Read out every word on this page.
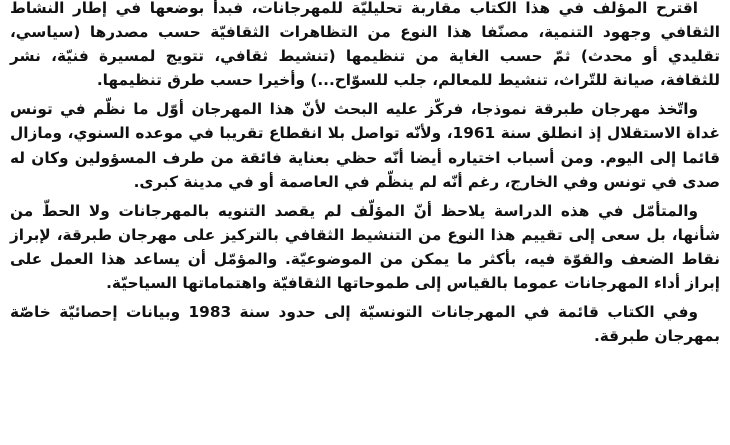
اقترح المؤلف في هذا الكتاب مقاربة تحليليّة للمهرجانات، فبدأ بوضعها في إطار النشاط الثقافي وجهود التنمية، مصنّفا هذا النوع من التظاهرات الثقافيّة حسب مصدرها (سياسي، تقليدي أو محدث) ثمّ حسب الغاية من تنظيمها (تنشيط ثقافي، تتويج لمسيرة فنيّة، نشر للثقافة، صيانة للتّراث، تنشيط للمعالم، جلب للسوّاح...) وأخيرا حسب طرق تنظيمها.

واتّخذ مهرجان طبرقة نموذجا، فركّز عليه البحث لأنّ هذا المهرجان أوّل ما نظّم في تونس غداة الاستقلال إذ انطلق سنة 1961، ولأنّه تواصل بلا انقطاع تقريبا في موعده السنوي، ومازال قائما إلى اليوم. ومن أسباب اختياره أيضا أنّه حظي بعناية فائقة من طرف المسؤولين وكان له صدى في تونس وفي الخارج، رغم أنّه لم ينظّم في العاصمة أو في مدينة كبرى.

والمتأمّل في هذه الدراسة يلاحظ أنّ المؤلّف لم يقصد التنويه بالمهرجانات ولا الحطّ من شأنها، بل سعى إلى تقييم هذا النوع من التنشيط الثقافي بالتركيز على مهرجان طبرقة، لإبراز نقاط الضعف والقوّة فيه، بأكثر ما يمكن من الموضوعيّة. والمؤمّل أن يساعد هذا العمل على إبراز أداء المهرجانات عموما بالقياس إلى طموحاتها الثقافيّة واهتماماتها السياحيّة.

وفي الكتاب قائمة في المهرجانات التونسيّة إلى حدود سنة 1983 وبيانات إحصائيّة خاصّة بمهرجان طبرقة.
